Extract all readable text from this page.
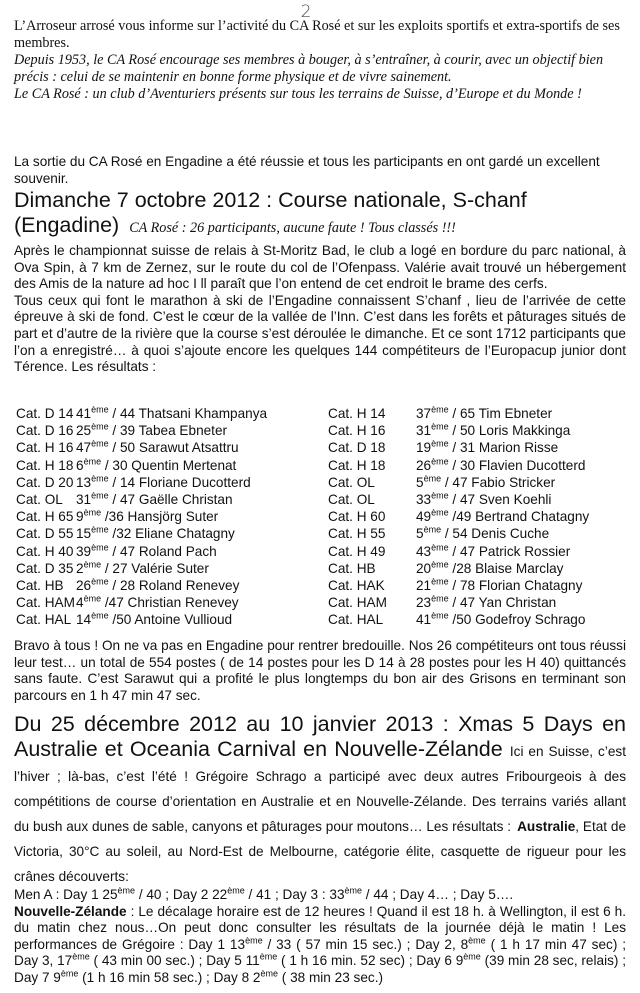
2

L’Arroseur arrosé vous informe sur l’activité du CA Rosé et sur les exploits sportifs et extra-sportifs de ses membres.

Depuis 1953, le CA Rosé encourage ses membres à bouger, à s’entraîner, à courir, avec un objectif bien précis : celui de se maintenir en bonne forme physique et de vivre sainement.

Le CA Rosé : un club d’Aventuriers présents sur tous les terrains de Suisse, d’Europe et du Monde !

La sortie du CA Rosé en Engadine a été réussie et tous les participants en ont gardé un excellent souvenir.

Dimanche 7 octobre 2012 : Course nationale, S-chanf (Engadine) CA Rosé : 26 participants, aucune faute ! Tous classés !!!

Après le championnat suisse de relais à St-Moritz Bad, le club a logé en bordure du parc national, à Ova Spin, à 7 km de Zernez, sur le route du col de l’Ofenpass. Valérie avait trouvé un hébergement des Amis de la nature ad hoc I ll paraît que l’on entend de cet endroit le brame des cerfs.

Tous ceux qui font le marathon à ski de l’Engadine connaissent S’chanf , lieu de l’arrivée de cette épreuve à ski de fond. C’est le cœur de la vallée de l’Inn. C’est dans les forêts et pâturages situés de part et d’autre de la rivière que la course s’est déroulée le dimanche. Et ce sont 1712 participants que l’on a enregistré… à quoi s’ajoute encore les quelques 144 compétiteurs de l’Europacup junior dont Térence. Les résultats :

Cat. D 14 41ème / 44 Thatsani Khampanya	Cat. H 14 37ème / 65 Tim Ebneter
Cat. D 16 25ème / 39 Tabea Ebneter	Cat. H 16 31ème / 50 Loris Makkinga
Cat. H 16 47ème / 50 Sarawut Atsattru	Cat. D 18 19ème / 31 Marion Risse
Cat. H 18 6ème / 30 Quentin Mertenat	Cat. H 18 26ème / 30 Flavien Ducotterd
Cat. D 20 13ème / 14 Floriane Ducotterd	Cat. OL	5ème / 47 Fabio Stricker
Cat. OL 31ème / 47 Gaëlle Christan	Cat. OL	33ème / 47 Sven Koehli
Cat. H 65 9ème /36 Hansjörg Suter	Cat. H 60 49ème /49 Bertrand Chatagny
Cat. D 55 15ème /32 Eliane Chatagny	Cat. H 55 5ème / 54 Denis Cuche
Cat. H 40 39ème / 47 Roland Pach	Cat. H 49 43ème / 47 Patrick Rossier
Cat. D 35 2ème / 27 Valérie Suter	Cat. HB	20ème /28 Blaise Marclay
Cat. HB 26ème / 28 Roland Renevey	Cat. HAK 21ème / 78 Florian Chatagny
Cat. HAM 4ème /47 Christian Renevey	Cat. HAM 23ème / 47 Yan Christan
Cat. HAL 14ème /50 Antoine Vullioud	Cat. HAL 41ème /50 Godefroy Schrago

Bravo à tous ! On ne va pas en Engadine pour rentrer bredouille. Nos 26 compétiteurs ont tous réussi leur test… un total de 554 postes ( de 14 postes pour les D 14 à 28 postes pour les H 40) quittancés sans faute. C’est Sarawut qui a profité le plus longtemps du bon air des Grisons en terminant son parcours en 1 h 47 min 47 sec.

Du 25 décembre 2012 au 10 janvier 2013 : Xmas 5 Days en Australie et Oceania Carnival en Nouvelle-Zélande Ici en Suisse, c’est l’hiver ; là-bas, c’est l’été ! Grégoire Schrago a participé avec deux autres Fribourgeois à des compétitions de course d’orientation en Australie et en Nouvelle-Zélande. Des terrains variés allant du bush aux dunes de sable, canyons et pâturages pour moutons… Les résultats : Australie, Etat de Victoria, 30°C au soleil, au Nord-Est de Melbourne, catégorie élite, casquette de rigueur pour les crânes découverts:

Men A : Day 1 25ème / 40 ; Day 2 22ème / 41 ; Day 3 : 33ème / 44 ; Day 4… ; Day 5….

Nouvelle-Zélande : Le décalage horaire est de 12 heures ! Quand il est 18 h. à Wellington, il est 6 h. du matin chez nous…On peut donc consulter les résultats de la journée déjà le matin ! Les performances de Grégoire : Day 1 13ème / 33 ( 57 min 15 sec.) ; Day 2, 8ème ( 1 h 17 min 47 sec) ; Day 3, 17ème ( 43 min 00 sec.) ; Day 5 11ème ( 1 h 16 min. 52 sec) ; Day 6 9ème (39 min 28 sec, relais) ; Day 7 9ème (1 h 16 min 58 sec.) ; Day 8 2ème ( 38 min 23 sec.)
